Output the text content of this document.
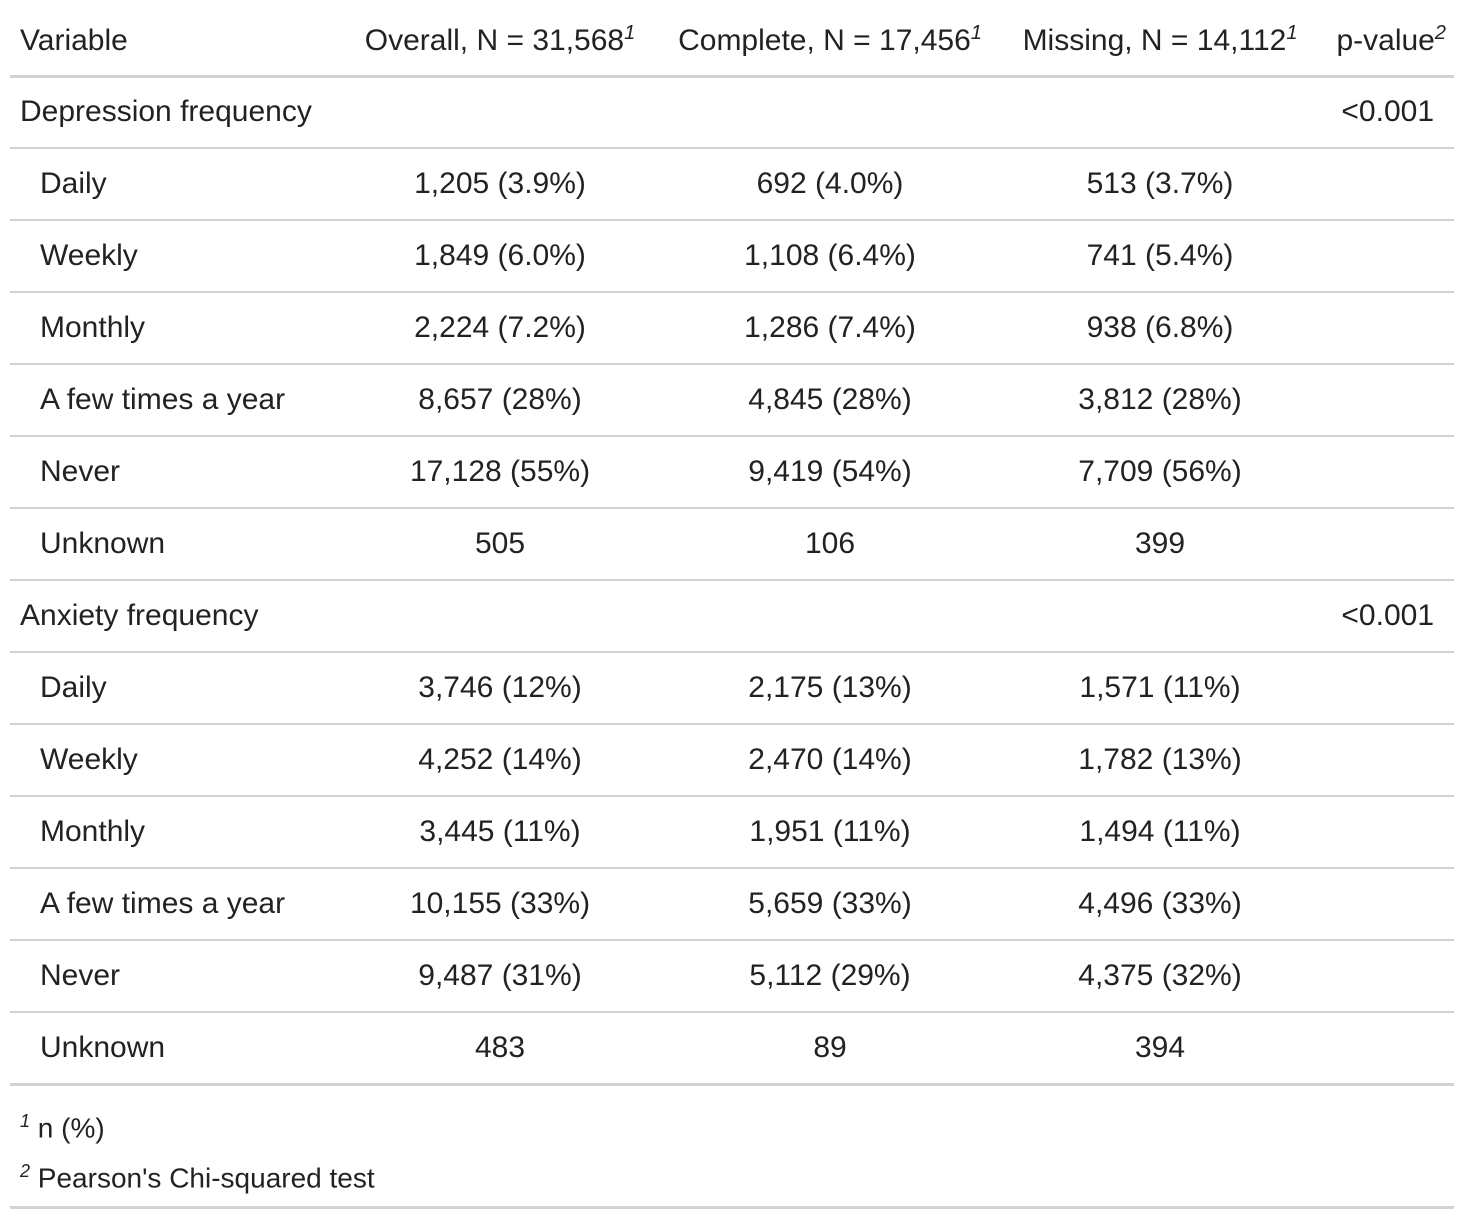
Variable	Overall, $N = 31,568^1$	Complete, $N = 17,456^1$	Missing, $N = 14,112^1$	p-value$^2$
Depression frequency				<0.001
Daily	1,205 (3.9%)	692 (4.0%)	513 (3.7%)	
Weekly	1,849 (6.0%)	1,108 (6.4%)	741 (5.4%)	
Monthly	2,224 (7.2%)	1,286 (7.4%)	938 (6.8%)	
A few times a year	8,657 (28%)	4,845 (28%)	3,812 (28%)	
Never	17,128 (55%)	9,419 (54%)	7,709 (56%)	
Unknown	505	106	399	
Anxiety frequency				<0.001
Daily	3,746 (12%)	2,175 (13%)	1,571 (11%)	
Weekly	4,252 (14%)	2,470 (14%)	1,782 (13%)	
Monthly	3,445 (11%)	1,951 (11%)	1,494 (11%)	
A few times a year	10,155 (33%)	5,659 (33%)	4,496 (33%)	
Never	9,487 (31%)	5,112 (29%)	4,375 (32%)	
Unknown	483	89	394	
$^1$ n (%)
$^2$ Pearson's Chi-squared test
